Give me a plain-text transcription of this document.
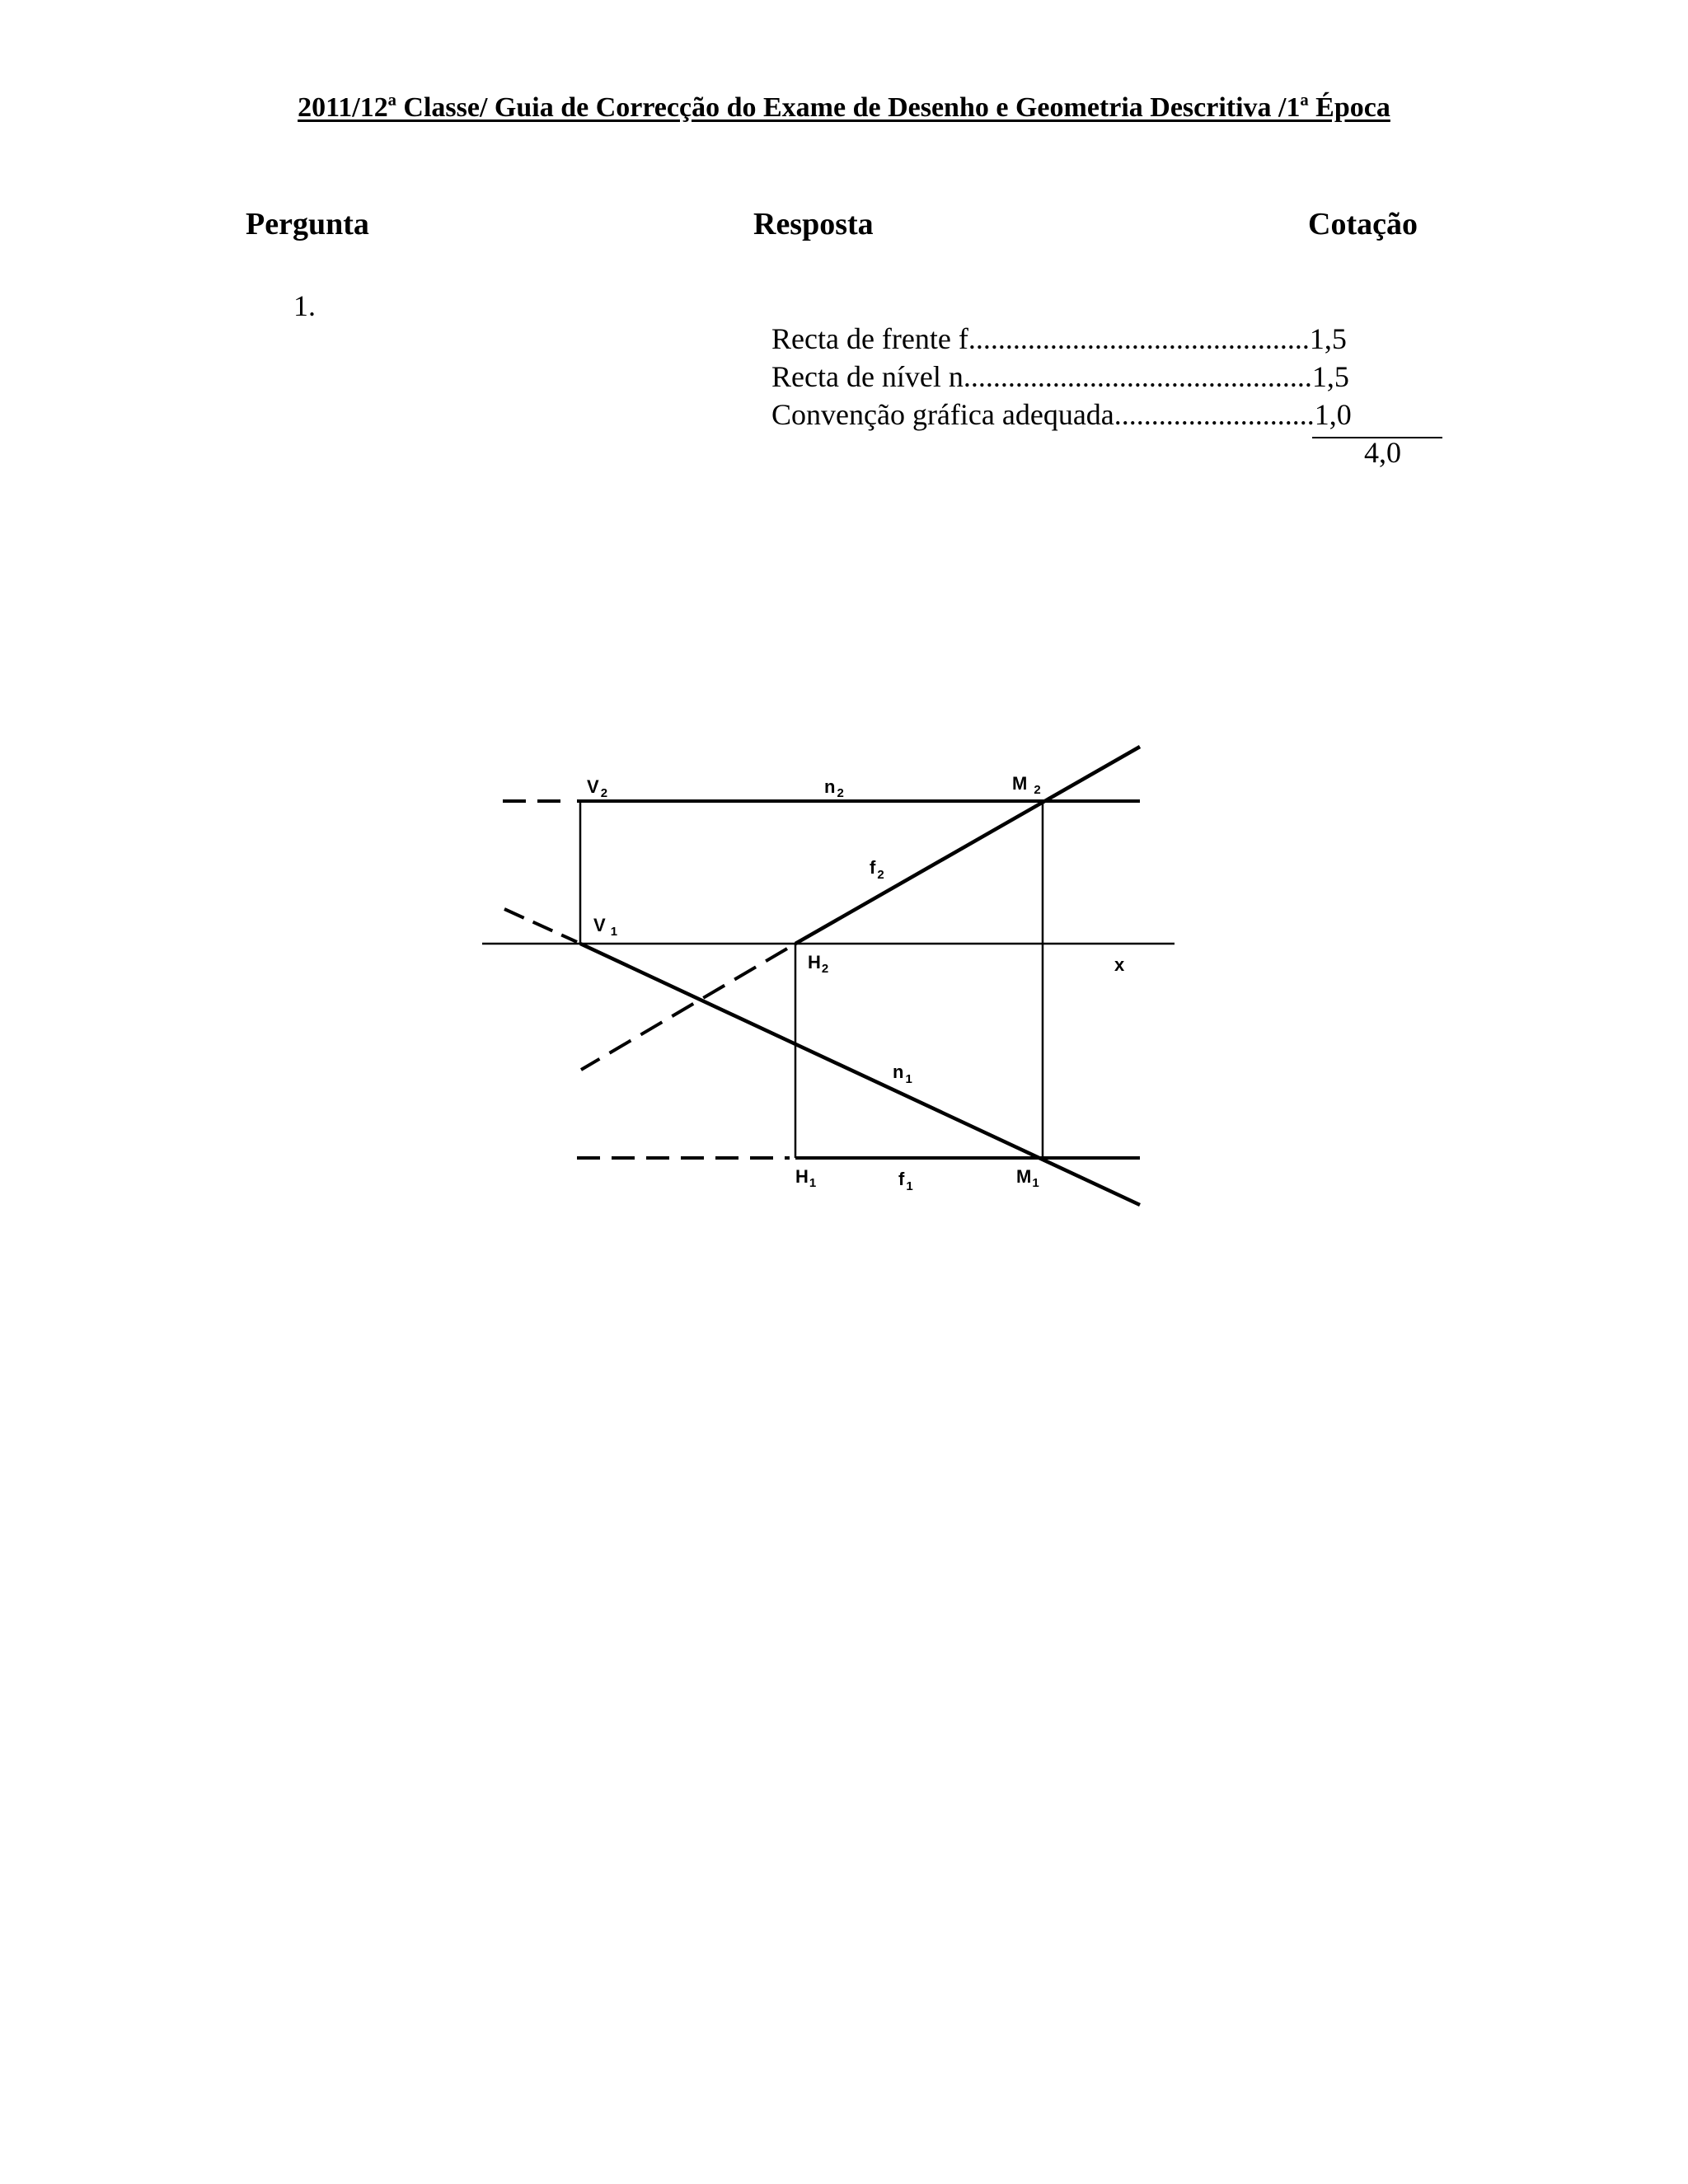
2011/12ª Classe/ Guia de Correcção do Exame de Desenho e Geometria Descritiva /1ª Época
Pergunta	Resposta	Cotação
1.
Recta de frente f..............................................1,5
Recta de nível n...............................................1,5
Convenção gráfica adequada...........................1,0
4,0
V $_2$	n $_2$	M $_2$
f $_2$
V $_1$
$H_2$	x
n $_1$
$H_1$	f $_1$	$M_1$
